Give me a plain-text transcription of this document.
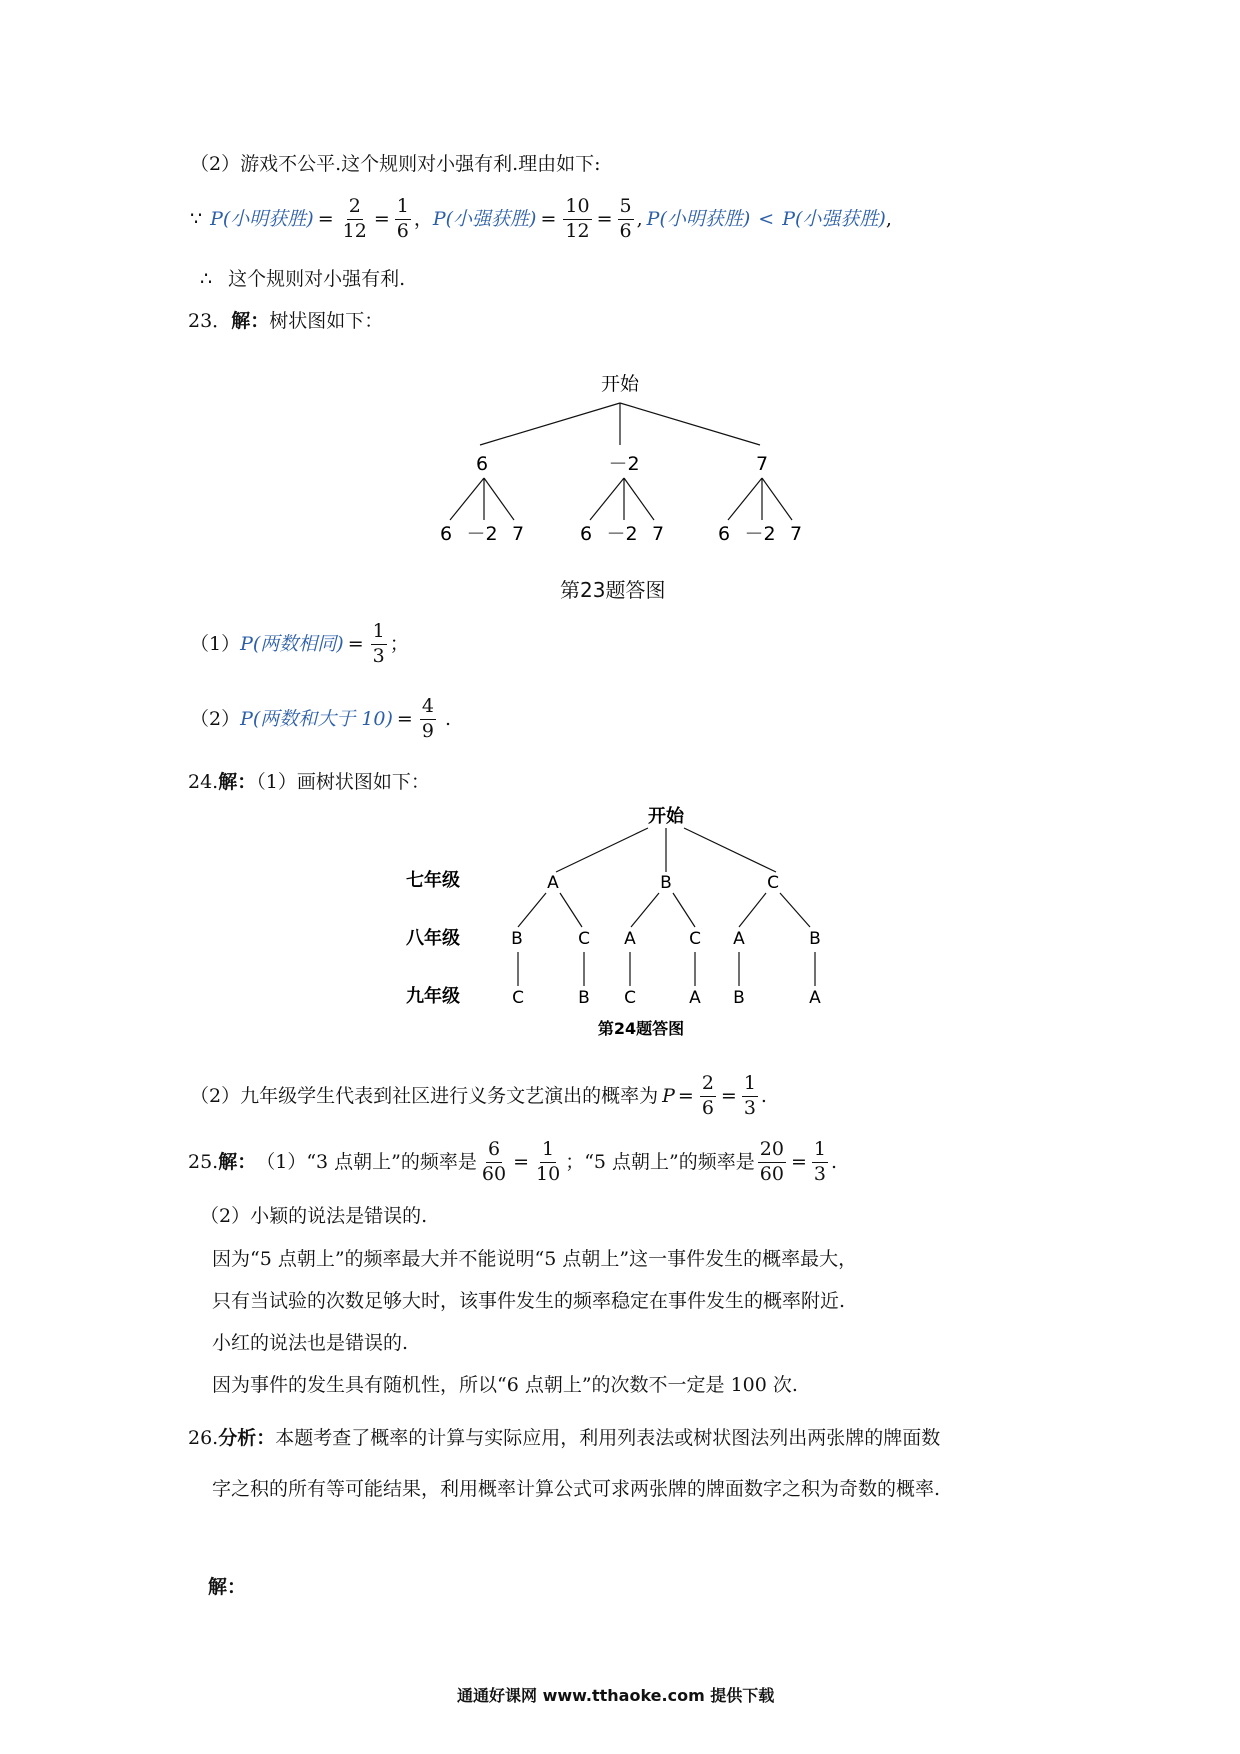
（2）游戏不公平.这个规则对小强有利.理由如下:
∵ P(小明获胜) = $\frac{2}{12} = \frac{1}{6}$ ， P(小强获胜) = $\frac{10}{12} = \frac{5}{6}$ , P(小明获胜) < P(小强获胜) ,
∴ 这个规则对小强有利.
23．解：树状图如下：
开始
6	－2	7
6 －2 7	6 －2 7	6 －2 7
第23题答图
（1） P(两数相同) = $\frac{1}{3}$ ；
（2） P(两数和大于 $10) = \frac{4}{9}$ .
24.解：（1）画树状图如下：
开始
七年级
八年级
九年级
A	B	C
B	C A	C A	B
C	B C	A B	A
第24题答图
（2）九年级学生代表到社区进行义务文艺演出的概率为 $P = \frac{2}{6} = \frac{1}{3}$ .
25. 解： （1）“3 点朝上”的频率是 $\frac{6}{60} = \frac{1}{10}$ ；“5 点朝上”的频率是 $\frac{20}{60} = \frac{1}{3}$ .
（2）小颖的说法是错误的.
因为“5 点朝上”的频率最大并不能说明“5 点朝上”这一事件发生的概率最大，
只有当试验的次数足够大时，该事件发生的频率稳定在事件发生的概率附近.
小红的说法也是错误的.
因为事件的发生具有随机性，所以“6 点朝上”的次数不一定是 100 次.
26.分析：本题考查了概率的计算与实际应用，利用列表法或树状图法列出两张牌的牌面数
字之积的所有等可能结果，利用概率计算公式可求两张牌的牌面数字之积为奇数的概率.
解：
通通好课网 www.tthaoke.com 提供下载
